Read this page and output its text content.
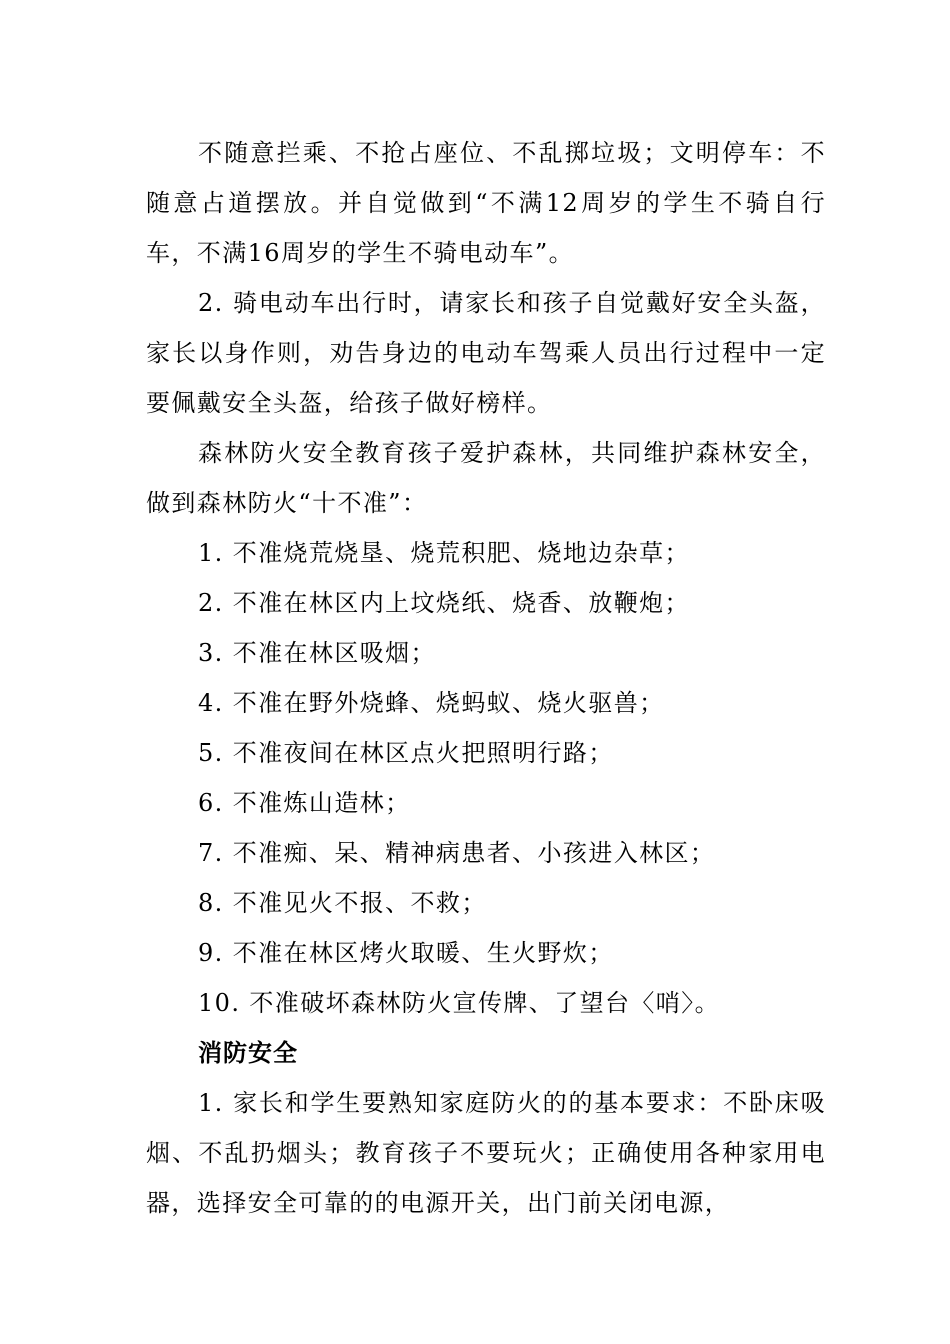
不随意拦乘、不抢占座位、不乱掷垃圾；文明停车：不随意占道摆放。并自觉做到“不满12周岁的学生不骑自行车，不满16周岁的学生不骑电动车”。

2. 骑电动车出行时，请家长和孩子自觉戴好安全头盔，家长以身作则，劝告身边的电动车驾乘人员出行过程中一定要佩戴安全头盔，给孩子做好榜样。

森林防火安全教育孩子爱护森林，共同维护森林安全，做到森林防火“十不准”：

1. 不准烧荒烧垦、烧荒积肥、烧地边杂草；

2. 不准在林区内上坟烧纸、烧香、放鞭炮；

3. 不准在林区吸烟；

4. 不准在野外烧蜂、烧蚂蚁、烧火驱兽；

5. 不准夜间在林区点火把照明行路；

6. 不准炼山造林；

7. 不准痴、呆、精神病患者、小孩进入林区；

8. 不准见火不报、不救；

9. 不准在林区烤火取暖、生火野炊；

10. 不准破坏森林防火宣传牌、了望台〈哨〉。

消防安全

1. 家长和学生要熟知家庭防火的的基本要求：不卧床吸烟、不乱扔烟头；教育孩子不要玩火；正确使用各种家用电器，选择安全可靠的的电源开关，出门前关闭电源，
